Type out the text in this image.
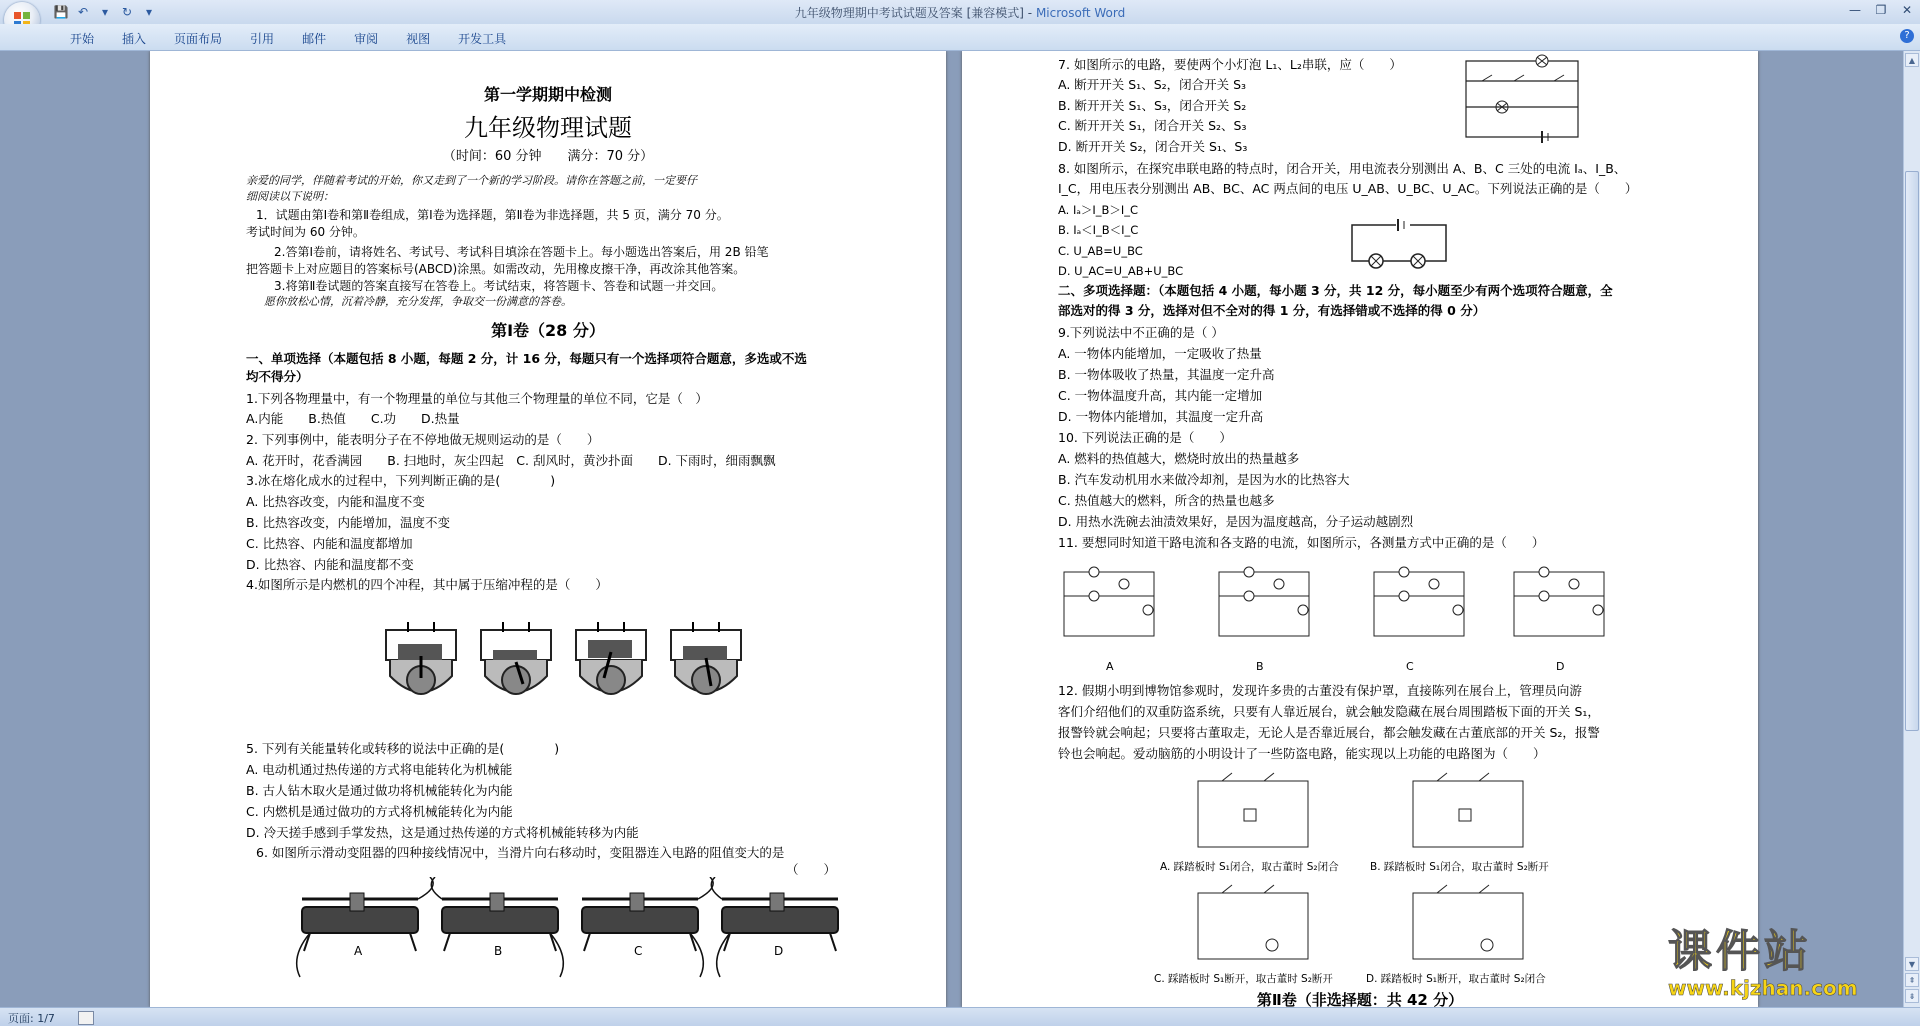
九年级物理期中考试试题及答案 [兼容模式] - Microsoft Word
💾 ↶	▾	↻	▾	—	❐	✕
开始	插入	页面布局	引用	邮件	审阅	视图	开发工具	?
第一学期期中检测
九年级物理试题
（时间：60 分钟　　满分：70 分）
亲爱的同学，伴随着考试的开始，你又走到了一个新的学习阶段。请你在答题之前，一定要仔
细阅读以下说明：
1．试题由第Ⅰ卷和第Ⅱ卷组成，第Ⅰ卷为选择题，第Ⅱ卷为非选择题，共 5 页，满分 70 分。
考试时间为 60 分钟。
2.答第Ⅰ卷前，请将姓名、考试号、考试科目填涂在答题卡上。每小题选出答案后，用 2B 铅笔
把答题卡上对应题目的答案标号(ABCD)涂黑。如需改动，先用橡皮擦干净，再改涂其他答案。
3.将第Ⅱ卷试题的答案直接写在答卷上。考试结束，将答题卡、答卷和试题一并交回。
愿你放松心情，沉着冷静，充分发挥，争取交一份满意的答卷。
第Ⅰ卷（28 分）
一、单项选择（本题包括 8 小题，每题 2 分，计 16 分，每题只有一个选择项符合题意，多选或不选
均不得分）
1.下列各物理量中，有一个物理量的单位与其他三个物理量的单位不同，它是（　）
A.内能　　B.热值　　C.功　　D.热量
2. 下列事例中，能表明分子在不停地做无规则运动的是（　　）
A. 花开时，花香满园　　B. 扫地时，灰尘四起　C. 刮风时，黄沙扑面　　D. 下雨时，细雨飘飘
3.冰在熔化成水的过程中，下列判断正确的是(　　　　)
A. 比热容改变，内能和温度不变
B. 比热容改变，内能增加，温度不变
C. 比热容、内能和温度都增加
D. 比热容、内能和温度都不变
4.如图所示是内燃机的四个冲程，其中属于压缩冲程的是（　　）
5. 下列有关能量转化或转移的说法中正确的是(　　　　)
A. 电动机通过热传递的方式将电能转化为机械能
B. 古人钻木取火是通过做功将机械能转化为内能
C. 内燃机是通过做功的方式将机械能转化为内能
D. 冷天搓手感到手掌发热，这是通过热传递的方式将机械能转移为内能
6. 如图所示滑动变阻器的四种接线情况中，当滑片向右移动时，变阻器连入电路的阻值变大的是
（　　）
A	B	C	D
7. 如图所示的电路，要使两个小灯泡 L₁、L₂串联，应（　　）
A. 断开开关 S₁、S₂，闭合开关 S₃
B. 断开开关 S₁、S₃，闭合开关 S₂
C. 断开开关 S₁，闭合开关 S₂、S₃
D. 断开开关 S₂，闭合开关 S₁、S₃
8. 如图所示，在探究串联电路的特点时，闭合开关，用电流表分别测出 A、B、C 三处的电流 Iₐ、I_B、
I_C，用电压表分别测出 AB、BC、AC 两点间的电压 U_AB、U_BC、U_AC。下列说法正确的是（　　）
A. Iₐ＞I_B＞I_C
B. Iₐ＜I_B＜I_C
C. U_AB=U_BC
D. U_AC=U_AB+U_BC
二、多项选择题：（本题包括 4 小题，每小题 3 分，共 12 分，每小题至少有两个选项符合题意，全
部选对的得 3 分，选择对但不全对的得 1 分，有选择错或不选择的得 0 分）
9.下列说法中不正确的是（ ）
A. 一物体内能增加，一定吸收了热量
B. 一物体吸收了热量，其温度一定升高
C. 一物体温度升高，其内能一定增加
D. 一物体内能增加，其温度一定升高
10. 下列说法正确的是（　　）
A. 燃料的热值越大，燃烧时放出的热量越多
B. 汽车发动机用水来做冷却剂，是因为水的比热容大
C. 热值越大的燃料，所含的热量也越多
D. 用热水洗碗去油渍效果好，是因为温度越高，分子运动越剧烈
11. 要想同时知道干路电流和各支路的电流，如图所示，各测量方式中正确的是（　　）
A	B	C	D
12. 假期小明到博物馆参观时，发现许多贵的古董没有保护罩，直接陈列在展台上，管理员向游
客们介绍他们的双重防盗系统，只要有人靠近展台，就会触发隐藏在展台周围踏板下面的开关 S₁，
报警铃就会响起；只要将古董取走，无论人是否靠近展台，都会触发藏在古董底部的开关 S₂，报警
铃也会响起。爱动脑筋的小明设计了一些防盗电路，能实现以上功能的电路图为（　　）
A. 踩踏板时 S₁闭合，取古董时 S₂闭合	B. 踩踏板时 S₁闭合，取古董时 S₂断开
C. 踩踏板时 S₁断开，取古董时 S₂断开	D. 踩踏板时 S₁断开，取古董时 S₂闭合
第Ⅱ卷（非选择题：共 42 分）
▲
▼
⇞
⇟
页面: 1/7
课件站
www.kjzhan.com
